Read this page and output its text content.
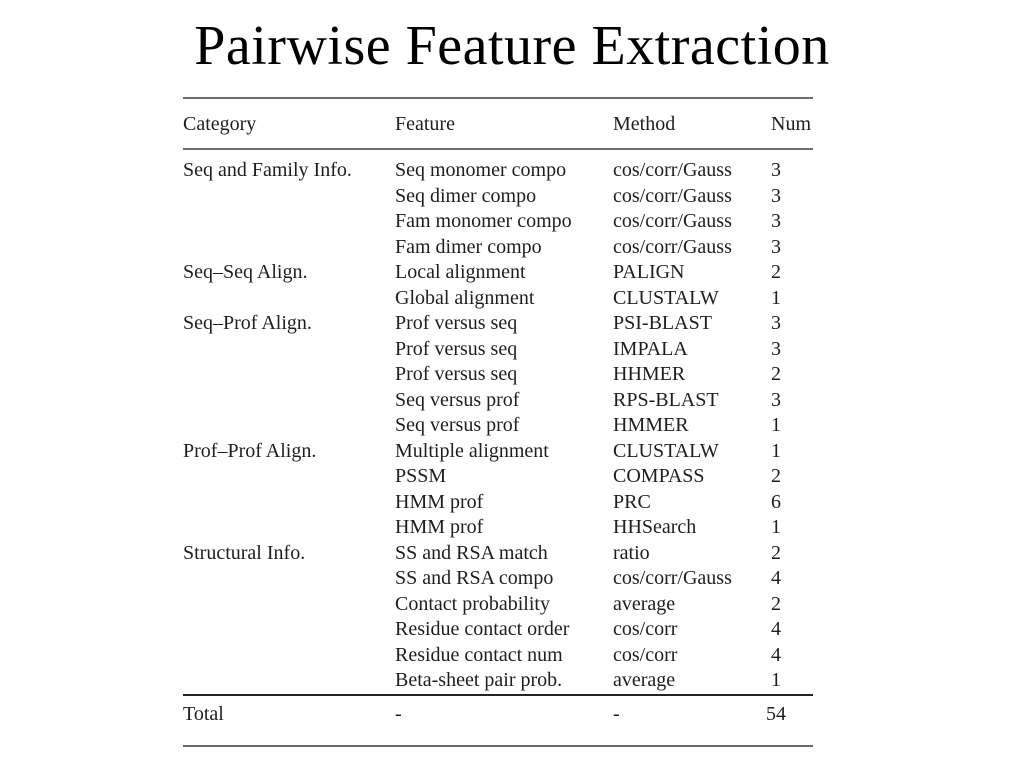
Pairwise Feature Extraction
Category	Feature	Method	Num
Seq and Family Info.	Seq monomer compo	cos/corr/Gauss	3
	Seq dimer compo	cos/corr/Gauss	3
	Fam monomer compo	cos/corr/Gauss	3
	Fam dimer compo	cos/corr/Gauss	3
Seq–Seq Align.	Local alignment	PALIGN	2
	Global alignment	CLUSTALW	1
Seq–Prof Align.	Prof versus seq	PSI-BLAST	3
	Prof versus seq	IMPALA	3
	Prof versus seq	HHMER	2
	Seq versus prof	RPS-BLAST	3
	Seq versus prof	HMMER	1
Prof–Prof Align.	Multiple alignment	CLUSTALW	1
	PSSM	COMPASS	2
	HMM prof	PRC	6
	HMM prof	HHSearch	1
Structural Info.	SS and RSA match	ratio	2
	SS and RSA compo	cos/corr/Gauss	4
	Contact probability	average	2
	Residue contact order	cos/corr	4
	Residue contact num	cos/corr	4
	Beta-sheet pair prob.	average	1
Total	-	-	54
